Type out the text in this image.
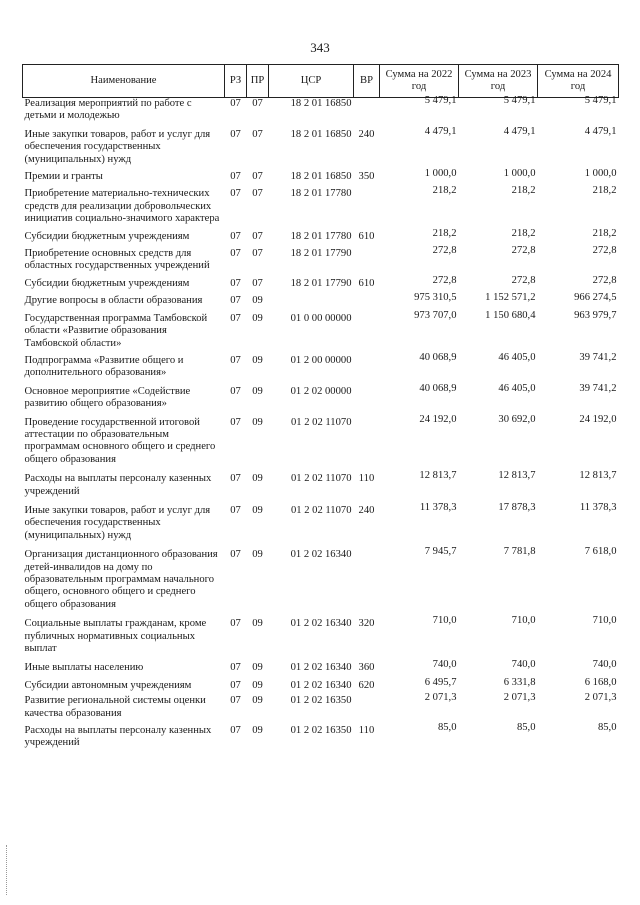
343
Наименование	РЗ	ПР	ЦСР	ВР	Сумма на 2022 год	Сумма на 2023 год	Сумма на 2024 год
Реализация мероприятий по работе с детьми и молодежью	07	07	18 2 01 16850		5 479,1	5 479,1	5 479,1
Иные закупки товаров, работ и услуг для обеспечения государственных (муниципальных) нужд	07	07	18 2 01 16850	240	4 479,1	4 479,1	4 479,1
Премии и гранты	07	07	18 2 01 16850	350	1 000,0	1 000,0	1 000,0
Приобретение материально-технических средств для реализации добровольческих инициатив социально-значимого характера	07	07	18 2 01 17780		218,2	218,2	218,2
Субсидии бюджетным учреждениям	07	07	18 2 01 17780	610	218,2	218,2	218,2
Приобретение основных средств для областных государственных учреждений	07	07	18 2 01 17790		272,8	272,8	272,8
Субсидии бюджетным учреждениям	07	07	18 2 01 17790	610	272,8	272,8	272,8
Другие вопросы в области образования	07	09			975 310,5	1 152 571,2	966 274,5
Государственная программа Тамбовской области «Развитие образования Тамбовской области»	07	09	01 0 00 00000		973 707,0	1 150 680,4	963 979,7
Подпрограмма «Развитие общего и дополнительного образования»	07	09	01 2 00 00000		40 068,9	46 405,0	39 741,2
Основное мероприятие «Содействие развитию общего образования»	07	09	01 2 02 00000		40 068,9	46 405,0	39 741,2
Проведение государственной итоговой аттестации по образовательным программам основного общего и среднего общего образования	07	09	01 2 02 11070		24 192,0	30 692,0	24 192,0
Расходы на выплаты персоналу казенных учреждений	07	09	01 2 02 11070	110	12 813,7	12 813,7	12 813,7
Иные закупки товаров, работ и услуг для обеспечения государственных (муниципальных) нужд	07	09	01 2 02 11070	240	11 378,3	17 878,3	11 378,3
Организация дистанционного образования детей-инвалидов на дому по образовательным программам начального общего, основного общего и среднего общего образования	07	09	01 2 02 16340		7 945,7	7 781,8	7 618,0
Социальные выплаты гражданам, кроме публичных нормативных социальных выплат	07	09	01 2 02 16340	320	710,0	710,0	710,0
Иные выплаты населению	07	09	01 2 02 16340	360	740,0	740,0	740,0
Субсидии автономным учреждениям	07	09	01 2 02 16340	620	6 495,7	6 331,8	6 168,0
Развитие региональной системы оценки качества образования	07	09	01 2 02 16350		2 071,3	2 071,3	2 071,3
Расходы на выплаты персоналу казенных учреждений	07	09	01 2 02 16350	110	85,0	85,0	85,0
